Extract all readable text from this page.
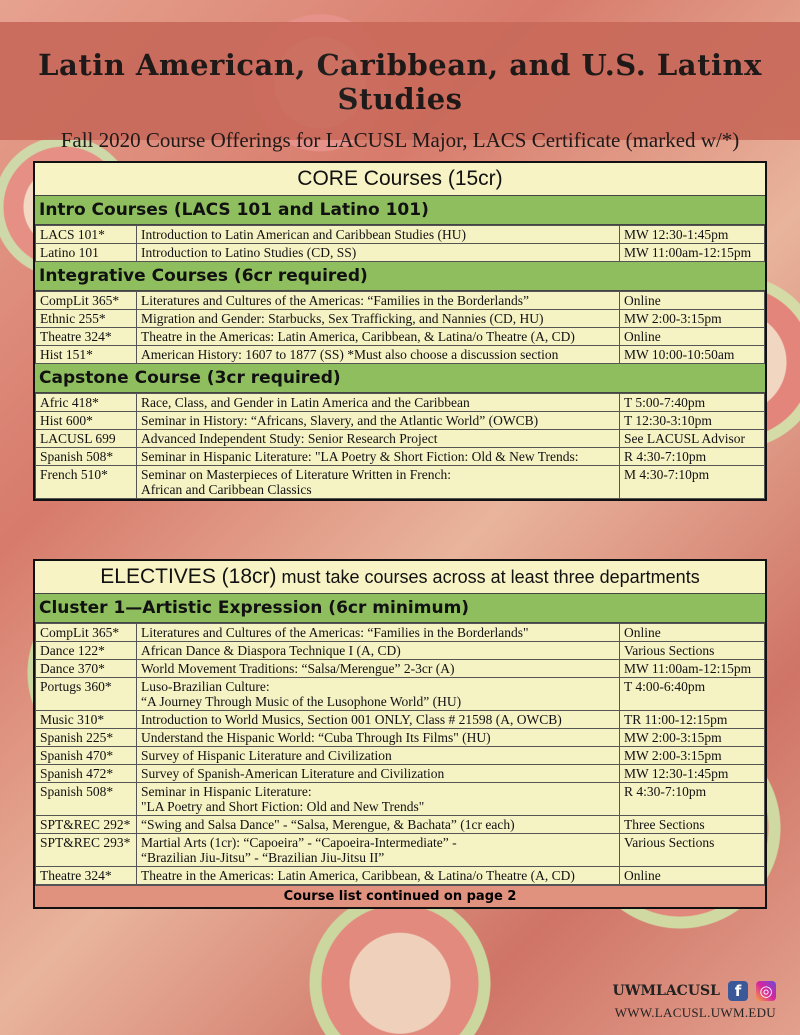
Latin American, Caribbean, and U.S. Latinx Studies
Fall 2020 Course Offerings for LACUSL Major, LACS Certificate (marked w/*)
CORE Courses (15cr)
Intro Courses (LACS 101 and Latino 101)
LACS 101*	Introduction to Latin American and Caribbean Studies (HU)	MW 12:30-1:45pm
Latino 101	Introduction to Latino Studies (CD, SS)	MW 11:00am-12:15pm
Integrative Courses (6cr required)
CompLit 365*	Literatures and Cultures of the Americas: “Families in the Borderlands”	Online
Ethnic 255*	Migration and Gender: Starbucks, Sex Trafficking, and Nannies (CD, HU)	MW 2:00-3:15pm
Theatre 324*	Theatre in the Americas: Latin America, Caribbean, & Latina/o Theatre (A, CD)	Online
Hist 151*	American History: 1607 to 1877 (SS) *Must also choose a discussion section	MW 10:00-10:50am
Capstone Course (3cr required)
Afric 418*	Race, Class, and Gender in Latin America and the Caribbean	T 5:00-7:40pm
Hist 600*	Seminar in History: “Africans, Slavery, and the Atlantic World” (OWCB)	T 12:30-3:10pm
LACUSL 699	Advanced Independent Study: Senior Research Project	See LACUSL Advisor
Spanish 508*	Seminar in Hispanic Literature: "LA Poetry & Short Fiction: Old & New Trends:	R 4:30-7:10pm
French 510*	Seminar on Masterpieces of Literature Written in French:
African and Caribbean Classics	M 4:30-7:10pm
ELECTIVES (18cr) must take courses across at least three departments
Cluster 1—Artistic Expression (6cr minimum)
CompLit 365*	Literatures and Cultures of the Americas: “Families in the Borderlands"	Online
Dance 122*	African Dance & Diaspora Technique I (A, CD)	Various Sections
Dance 370*	World Movement Traditions: “Salsa/Merengue” 2-3cr (A)	MW 11:00am-12:15pm
Portugs 360*	Luso-Brazilian Culture:
“A Journey Through Music of the Lusophone World” (HU)	T 4:00-6:40pm
Music 310*	Introduction to World Musics, Section 001 ONLY, Class # 21598 (A, OWCB)	TR 11:00-12:15pm
Spanish 225*	Understand the Hispanic World: “Cuba Through Its Films" (HU)	MW 2:00-3:15pm
Spanish 470*	Survey of Hispanic Literature and Civilization	MW 2:00-3:15pm
Spanish 472*	Survey of Spanish-American Literature and Civilization	MW 12:30-1:45pm
Spanish 508*	Seminar in Hispanic Literature:
"LA Poetry and Short Fiction: Old and New Trends"	R 4:30-7:10pm
SPT&REC 292*	“Swing and Salsa Dance" - “Salsa, Merengue, & Bachata” (1cr each)	Three Sections
SPT&REC 293*	Martial Arts (1cr): “Capoeira” - “Capoeira-Intermediate” -
“Brazilian Jiu-Jitsu” - “Brazilian Jiu-Jitsu II”	Various Sections
Theatre 324*	Theatre in the Americas: Latin America, Caribbean, & Latina/o Theatre (A, CD)	Online
Course list continued on page 2
UWMLACUSL f ◎
WWW.LACUSL.UWM.EDU
